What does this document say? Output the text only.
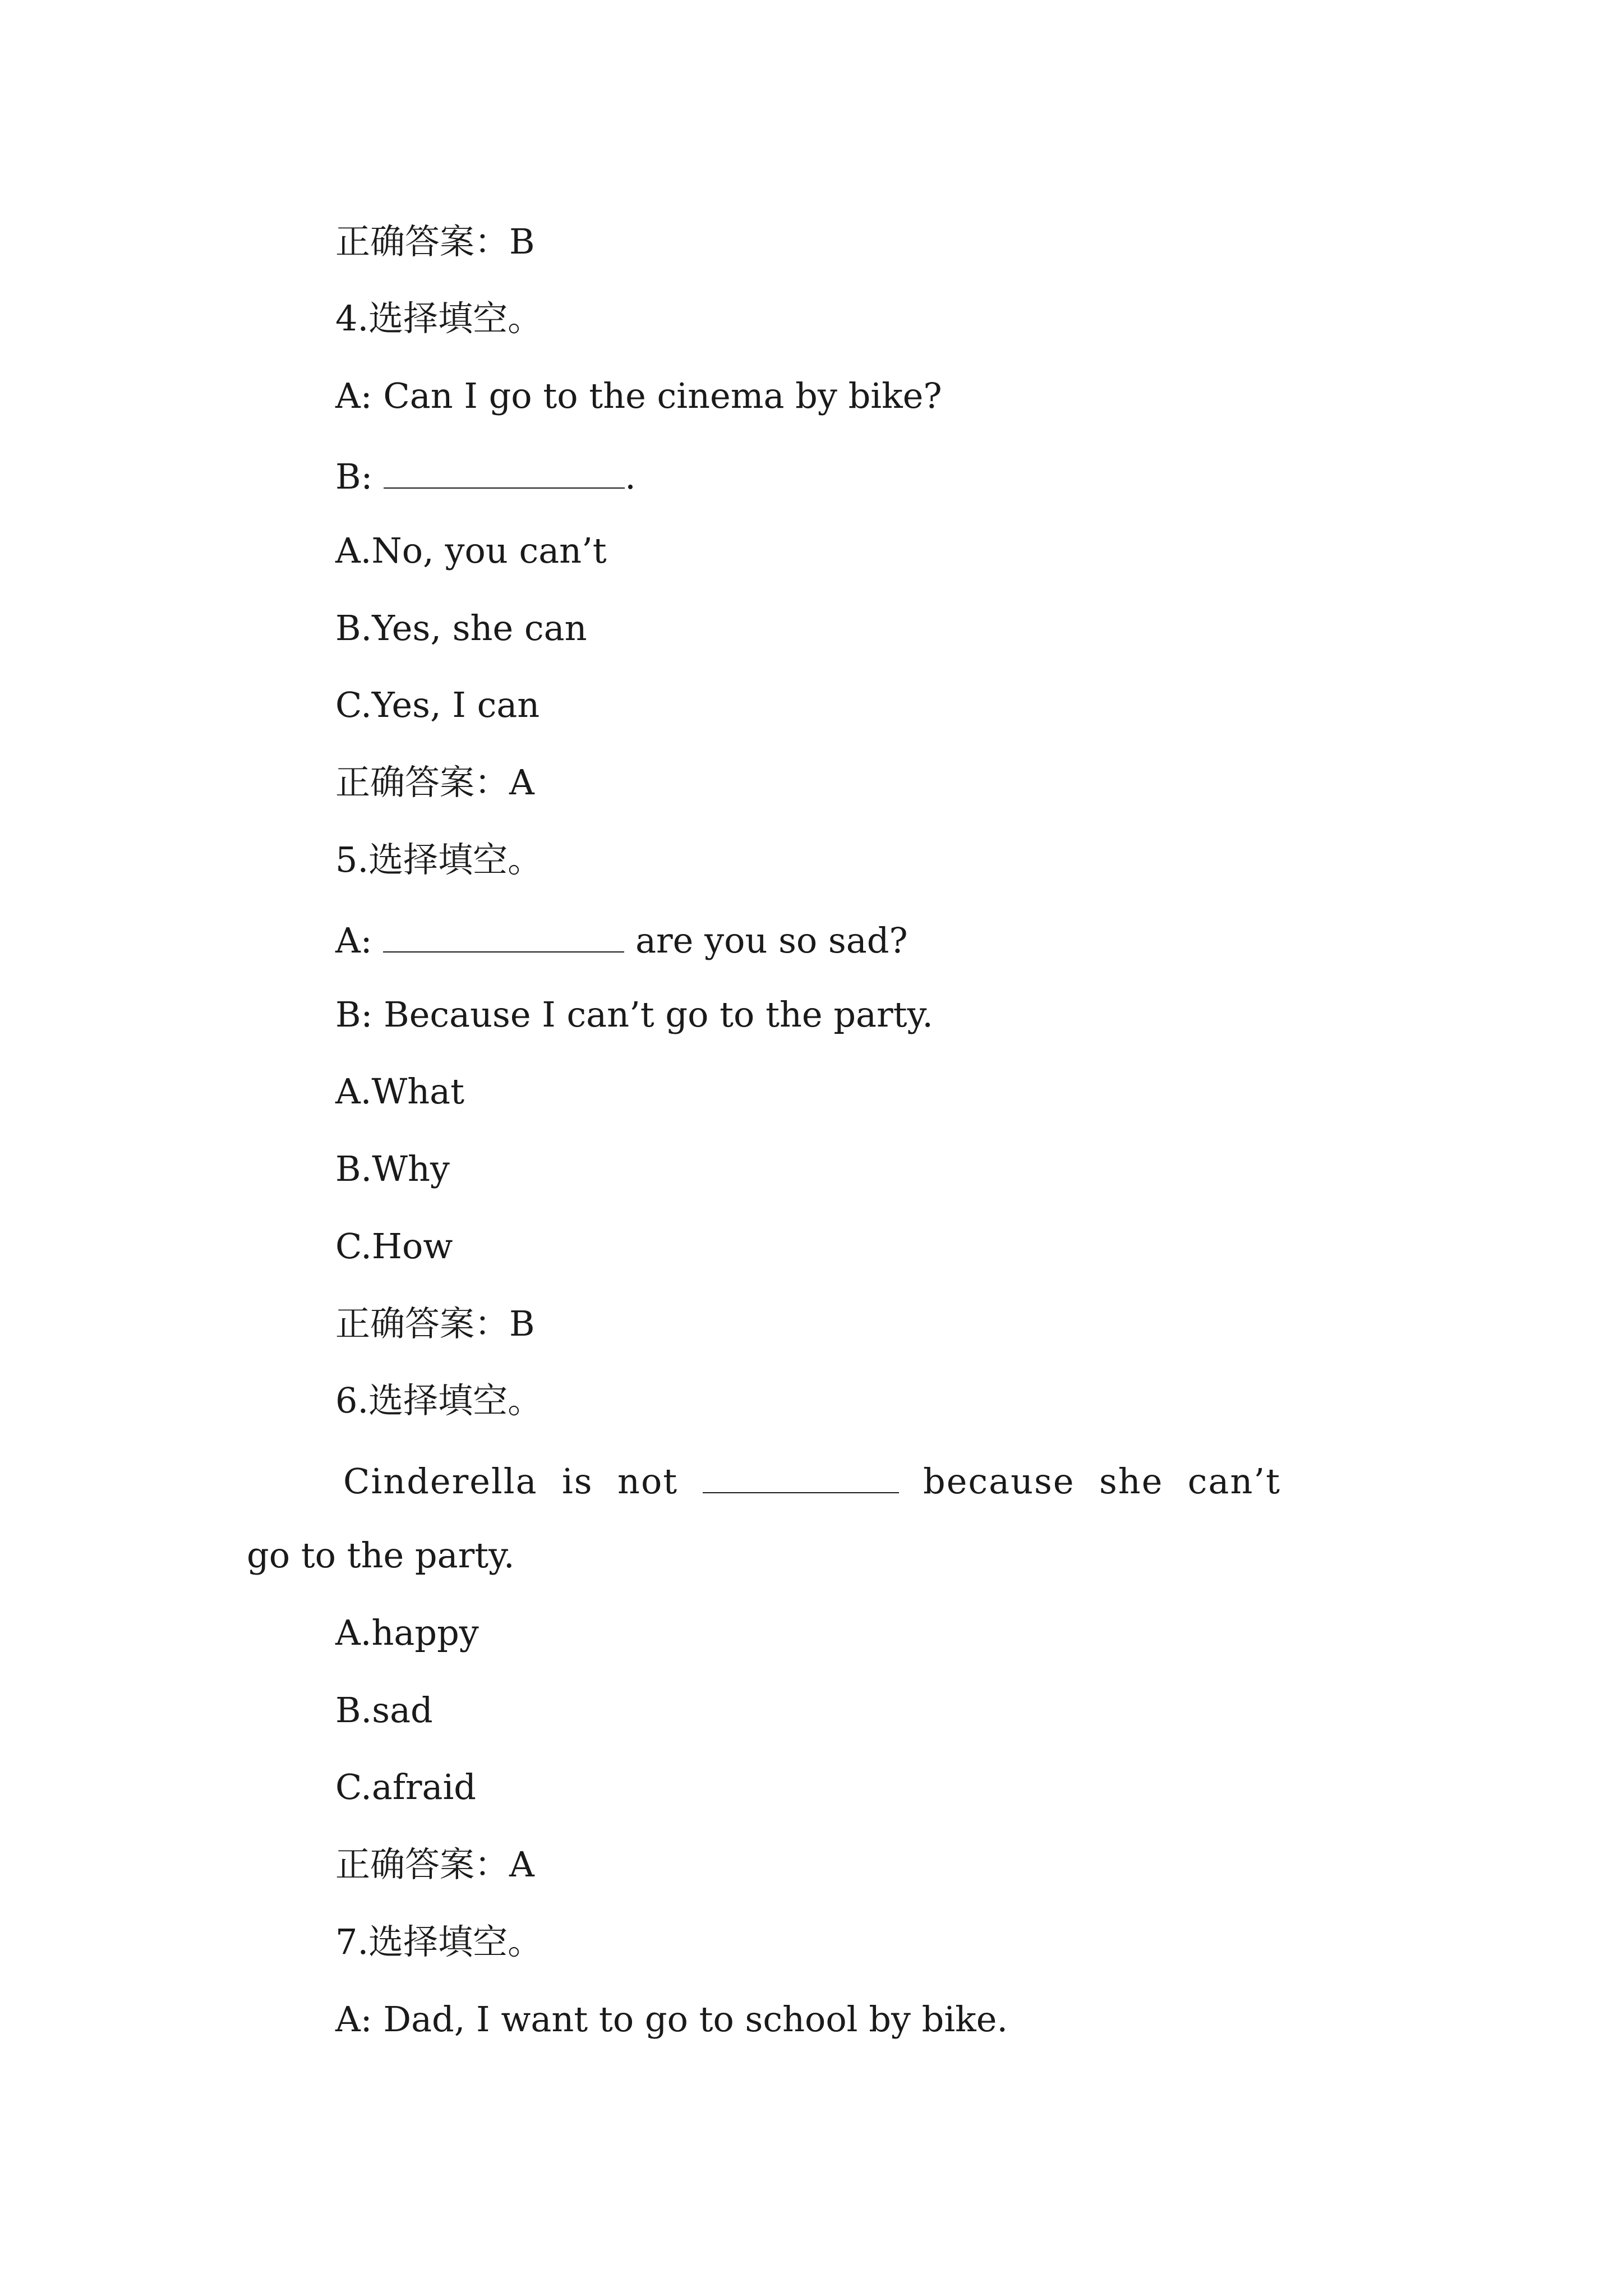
正确答案：B

4.选择填空。

A: Can I go to the cinema by bike?

B:	.

A.No, you can’t

B.Yes, she can

C.Yes, I can

正确答案：A

5.选择填空。

A:	are you so sad?

B: Because I can’t go to the party.

A.What

B.Why

C.How

正确答案：B

6.选择填空。

Cinderella  is  not	because  she  can’t

go to the party.

A.happy

B.sad

C.afraid

正确答案：A

7.选择填空。

A: Dad, I want to go to school by bike.
